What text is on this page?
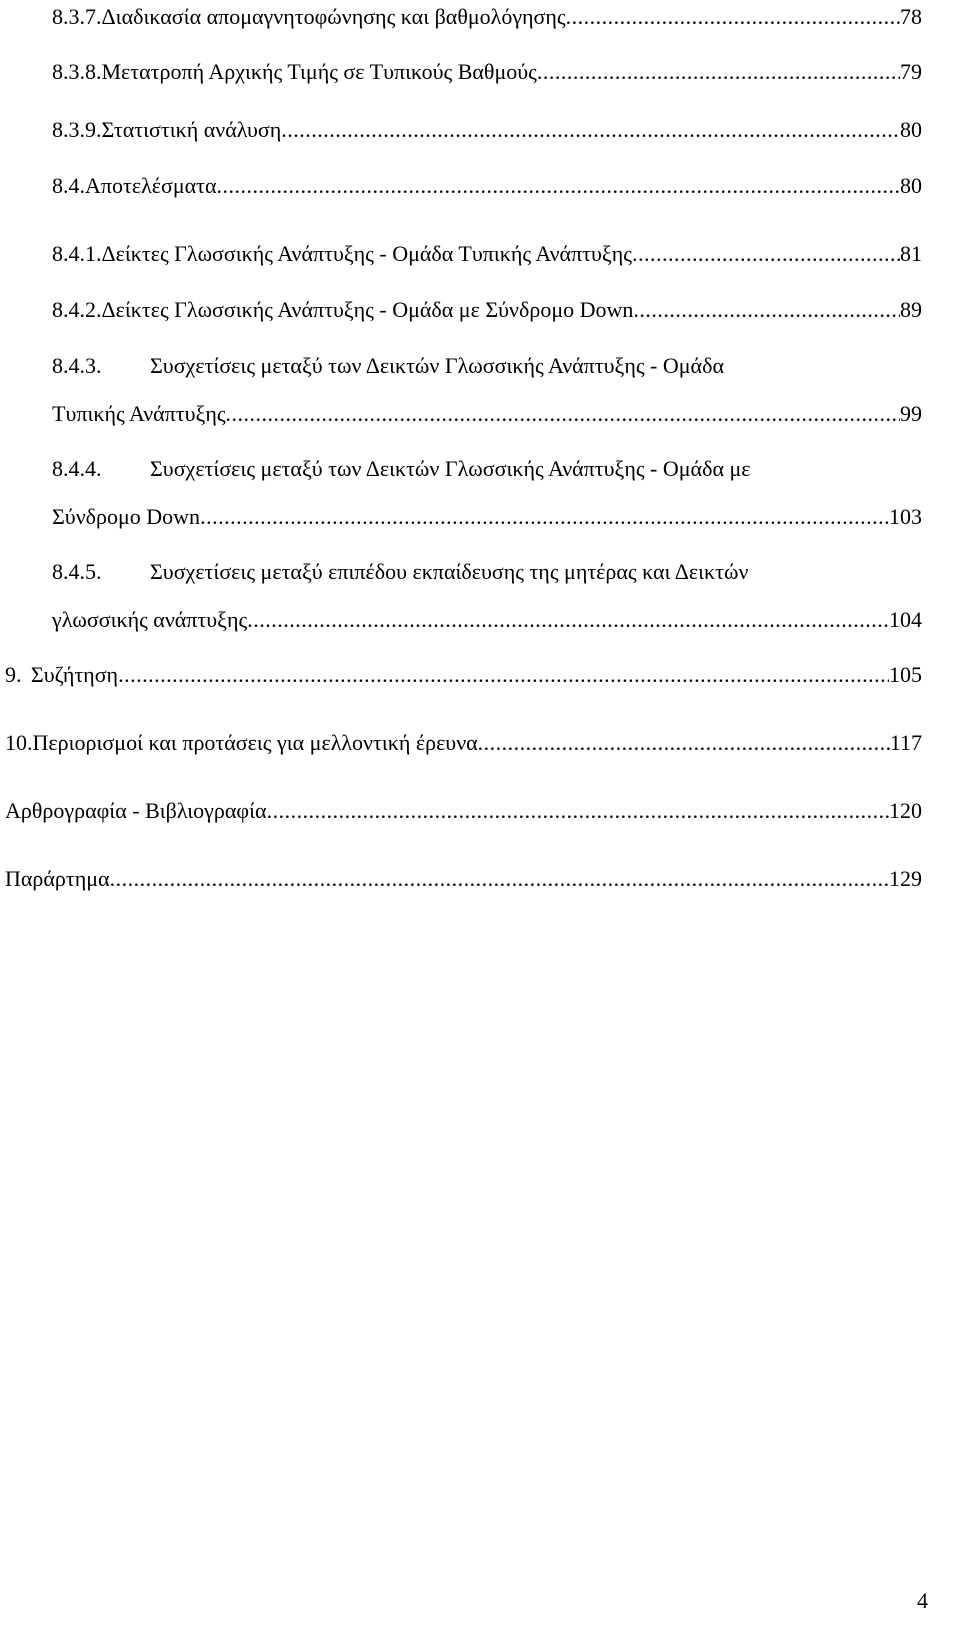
8.3.7. Διαδικασία απομαγνητοφώνησης και βαθμολόγησης .....	78
8.3.8. Μετατροπή Αρχικής Τιμής σε Τυπικούς Βαθμούς .....	79
8.3.9. Στατιστική ανάλυση .....	80
8.4. Αποτελέσματα .....	80
8.4.1. Δείκτες Γλωσσικής Ανάπτυξης - Ομάδα Τυπικής Ανάπτυξης .....	81
8.4.2. Δείκτες Γλωσσικής Ανάπτυξης - Ομάδα με Σύνδρομο Down .....	89
8.4.3.	Συσχετίσεις μεταξύ των Δεικτών Γλωσσικής Ανάπτυξης - Ομάδα
Τυπικής Ανάπτυξης .....	99
8.4.4.	Συσχετίσεις μεταξύ των Δεικτών Γλωσσικής Ανάπτυξης - Ομάδα με
Σύνδρομο Down .....	103
8.4.5.	Συσχετίσεις μεταξύ επιπέδου εκπαίδευσης της μητέρας και Δεικτών
γλωσσικής ανάπτυξης .....	104
9. Συζήτηση .....	105
10. Περιορισμοί και προτάσεις για μελλοντική έρευνα .....	117
Αρθρογραφία - Βιβλιογραφία .....	120
Παράρτημα .....	129
4
